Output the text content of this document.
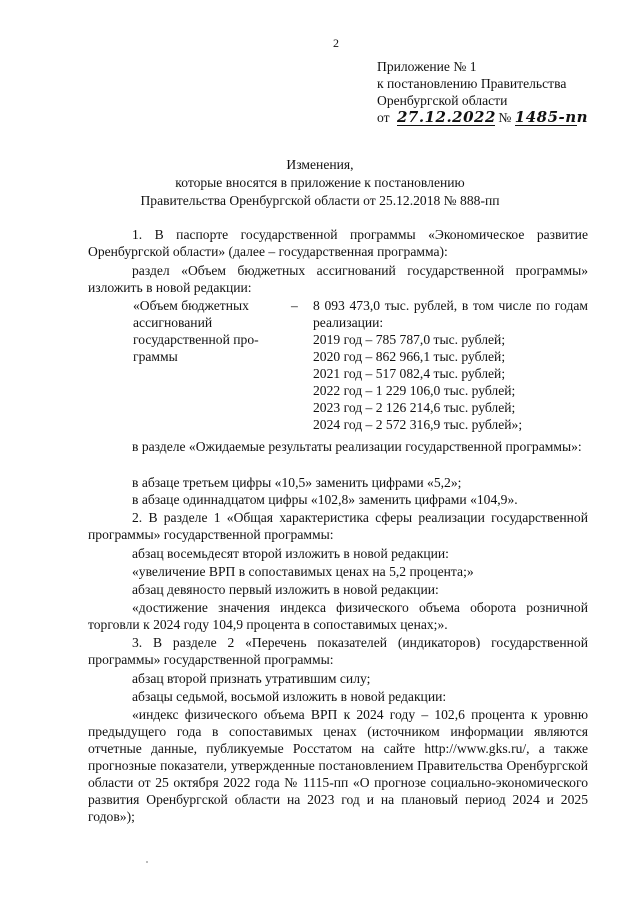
2
Приложение № 1
к постановлению Правительства
Оренбургской области
от 27.12.2022 № 1485-пп
Изменения,
которые вносятся в приложение к постановлению
Правительства Оренбургской области от 25.12.2018 № 888-пп
1. В паспорте государственной программы «Экономическое развитие Оренбургской области» (далее – государственная программа):
раздел «Объем бюджетных ассигнований государственной программы» изложить в новой редакции:
«Объем бюджетных
ассигнований
государственной про-
граммы
– 8 093 473,0 тыс. рублей, в том числе по годам реализации:
2019 год – 785 787,0 тыс. рублей;
2020 год – 862 966,1 тыс. рублей;
2021 год – 517 082,4 тыс. рублей;
2022 год – 1 229 106,0 тыс. рублей;
2023 год – 2 126 214,6 тыс. рублей;
2024 год – 2 572 316,9 тыс. рублей»;
в разделе «Ожидаемые результаты реализации государственной программы»:
в абзаце третьем цифры «10,5» заменить цифрами «5,2»;
в абзаце одиннадцатом цифры «102,8» заменить цифрами «104,9».
2. В разделе 1 «Общая характеристика сферы реализации государственной программы» государственной программы:
абзац восемьдесят второй изложить в новой редакции:
«увеличение ВРП в сопоставимых ценах на 5,2 процента;»
абзац девяносто первый изложить в новой редакции:
«достижение значения индекса физического объема оборота розничной торговли к 2024 году 104,9 процента в сопоставимых ценах;».
3. В разделе 2 «Перечень показателей (индикаторов) государственной программы» государственной программы:
абзац второй признать утратившим силу;
абзацы седьмой, восьмой изложить в новой редакции:
«индекс физического объема ВРП к 2024 году – 102,6 процента к уровню предыдущего года в сопоставимых ценах (источником информации являются отчетные данные, публикуемые Росстатом на сайте http://www.gks.ru/, а также прогнозные показатели, утвержденные постановлением Правительства Оренбургской области от 25 октября 2022 года № 1115-пп «О прогнозе социально-экономического развития Оренбургской области на 2023 год и на плановый период 2024 и 2025 годов»);
